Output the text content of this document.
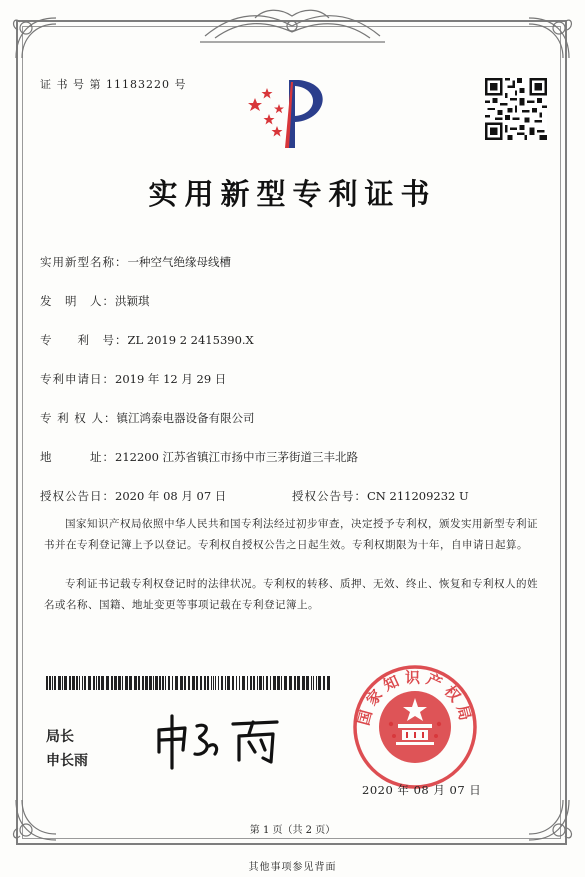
证 书 号 第 11183220 号
实用新型专利证书
实用新型名称：一种空气绝缘母线槽
发　明　人：洪颖琪
专　　利　号：ZL 2019 2 2415390.X
专利申请日：2019 年 12 月 29 日
专 利 权 人：镇江鸿泰电器设备有限公司
地　　　址：212200 江苏省镇江市扬中市三茅街道三丰北路
授权公告日：2020 年 08 月 07 日	授权公告号：CN 211209232 U
国家知识产权局依照中华人民共和国专利法经过初步审查，决定授予专利权，颁发实用新型专利证书并在专利登记簿上予以登记。专利权自授权公告之日起生效。专利权期限为十年，自申请日起算。
专利证书记载专利权登记时的法律状况。专利权的转移、质押、无效、终止、恢复和专利权人的姓名或名称、国籍、地址变更等事项记载在专利登记簿上。
局长
申长雨
国家知识产权局
2020 年 08 月 07 日
第 1 页（共 2 页）
其他事项参见背面
